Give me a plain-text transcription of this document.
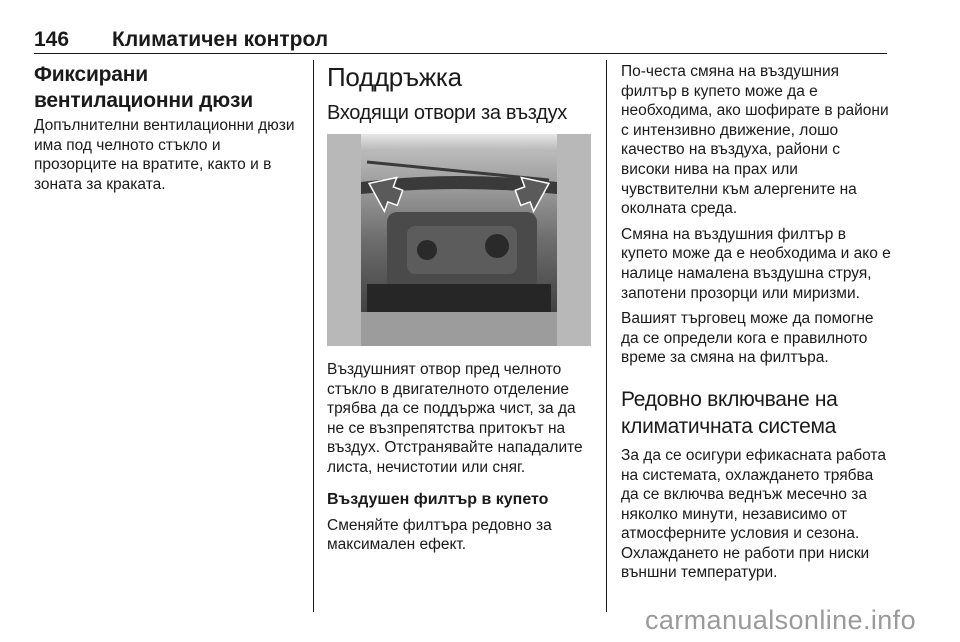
146 Климатичен контрол
Фиксирани вентилационни дюзи

Допълнителни вентилационни дюзи има под челното стъкло и прозорците на вратите, както и в зоната за краката.

Поддръжка
Входящи отвори за въздух

Въздушният отвор пред челното стъкло в двигателното отделение трябва да се поддържа чист, за да не се възпрепятства притокът на въздух. Отстранявайте нападалите листа, нечистотии или сняг.

Въздушен филтър в купето

Сменяйте филтъра редовно за максимален ефект.

По-честа смяна на въздушния филтър в купето може да е необходима, ако шофирате в райони с интензивно движение, лошо качество на въздуха, райони с високи нива на прах или чувствителни към алергените на околната среда.

Смяна на въздушния филтър в купето може да е необходима и ако е налице намалена въздушна струя, запотени прозорци или миризми.

Вашият търговец може да помогне да се определи кога е правилното време за смяна на филтъра.

Редовно включване на климатичната система

За да се осигури ефикасната работа на системата, охлаждането трябва да се включва веднъж месечно за няколко минути, независимо от атмосферните условия и сезона. Охлаждането не работи при ниски външни температури.

carmanualsonline.info
